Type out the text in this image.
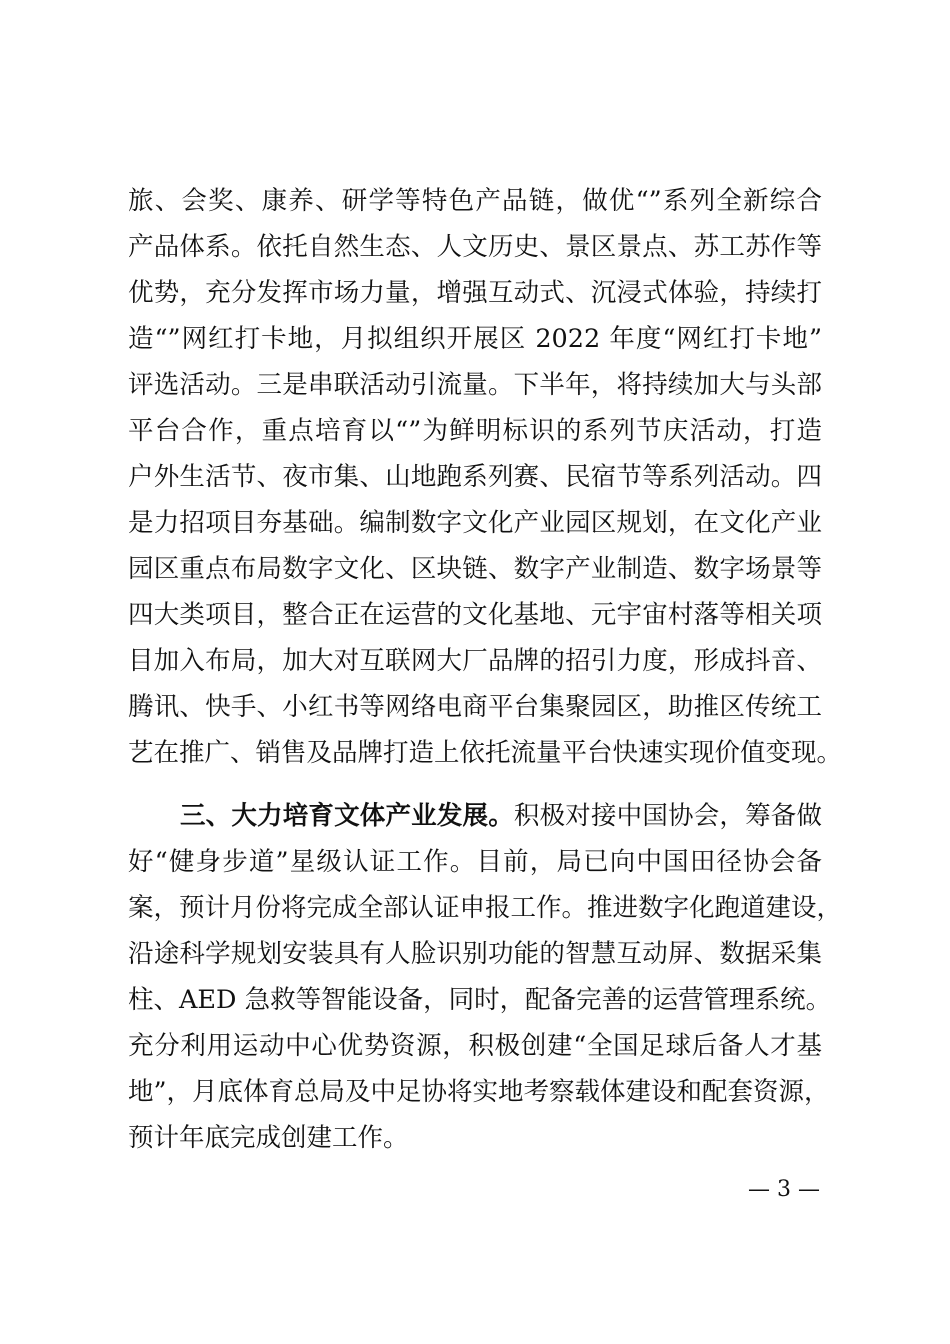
旅、会奖、康养、研学等特色产品链，做优“”系列全新综合
产品体系。依托自然生态、人文历史、景区景点、苏工苏作等
优势，充分发挥市场力量，增强互动式、沉浸式体验，持续打
造“”网红打卡地，月拟组织开展区 2022 年度“网红打卡地”
评选活动。三是串联活动引流量。下半年，将持续加大与头部
平台合作，重点培育以“”为鲜明标识的系列节庆活动，打造
户外生活节、夜市集、山地跑系列赛、民宿节等系列活动。四
是力招项目夯基础。编制数字文化产业园区规划，在文化产业
园区重点布局数字文化、区块链、数字产业制造、数字场景等
四大类项目，整合正在运营的文化基地、元宇宙村落等相关项
目加入布局，加大对互联网大厂品牌的招引力度，形成抖音、
腾讯、快手、小红书等网络电商平台集聚园区，助推区传统工
艺在推广、销售及品牌打造上依托流量平台快速实现价值变现。
三、大力培育文体产业发展。积极对接中国协会，筹备做
好“健身步道”星级认证工作。目前，局已向中国田径协会备
案，预计月份将完成全部认证申报工作。推进数字化跑道建设，
沿途科学规划安装具有人脸识别功能的智慧互动屏、数据采集
柱、AED 急救等智能设备，同时，配备完善的运营管理系统。
充分利用运动中心优势资源，积极创建“全国足球后备人才基
地”，月底体育总局及中足协将实地考察载体建设和配套资源，
预计年底完成创建工作。
— 3 —
